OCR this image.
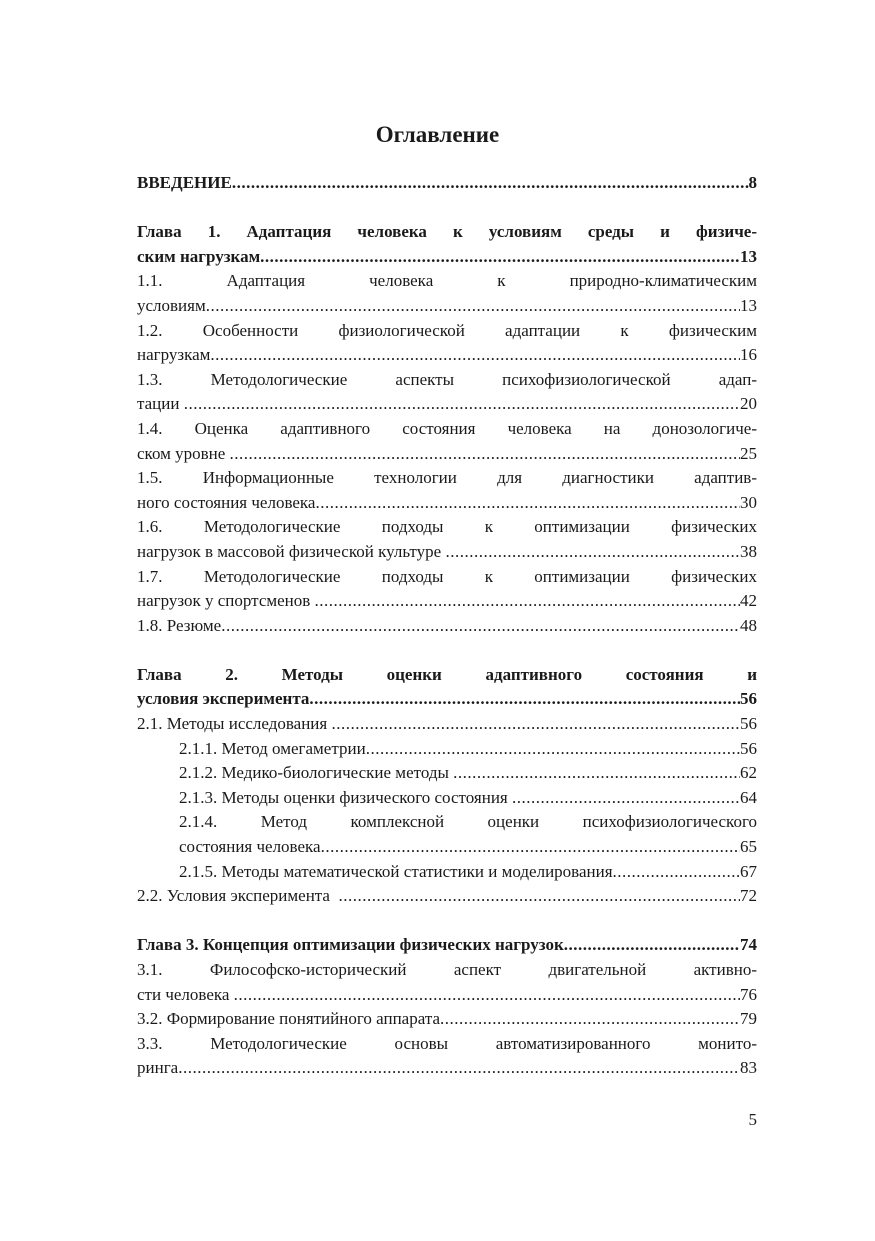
Оглавление
ВВЕДЕНИЕ .....	8
Глава 1. Адаптация человека к условиям среды и физиче-
ским нагрузкам .....	13
1.1. Адаптация человека к природно-климатическим
условиям .....	13
1.2. Особенности физиологической адаптации к физическим
нагрузкам .....	16
1.3. Методологические аспекты психофизиологической адап-
тации .....	20
1.4. Оценка адаптивного состояния человека на донозологиче-
ском уровне .....	25
1.5. Информационные технологии для диагностики адаптив-
ного состояния человека .....	30
1.6. Методологические подходы к оптимизации физических
нагрузок в массовой физической культуре .....	38
1.7. Методологические подходы к оптимизации физических
нагрузок у спортсменов .....	42
1.8. Резюме .....	48
Глава 2. Методы оценки адаптивного состояния и
условия эксперимента .....	56
2.1. Методы исследования .....	56
2.1.1. Метод омегаметрии .....	56
2.1.2. Медико-биологические методы .....	62
2.1.3. Методы оценки физического состояния .....	64
2.1.4. Метод комплексной оценки психофизиологического
состояния человека .....	65
2.1.5. Методы математической статистики и моделирования .....	67
2.2. Условия эксперимента .....	72
Глава 3. Концепция оптимизации физических нагрузок .....	74
3.1. Философско-исторический аспект двигательной активно-
сти человека .....	76
3.2. Формирование понятийного аппарата .....	79
3.3. Методологические основы автоматизированного монито-
ринга .....	83
5
